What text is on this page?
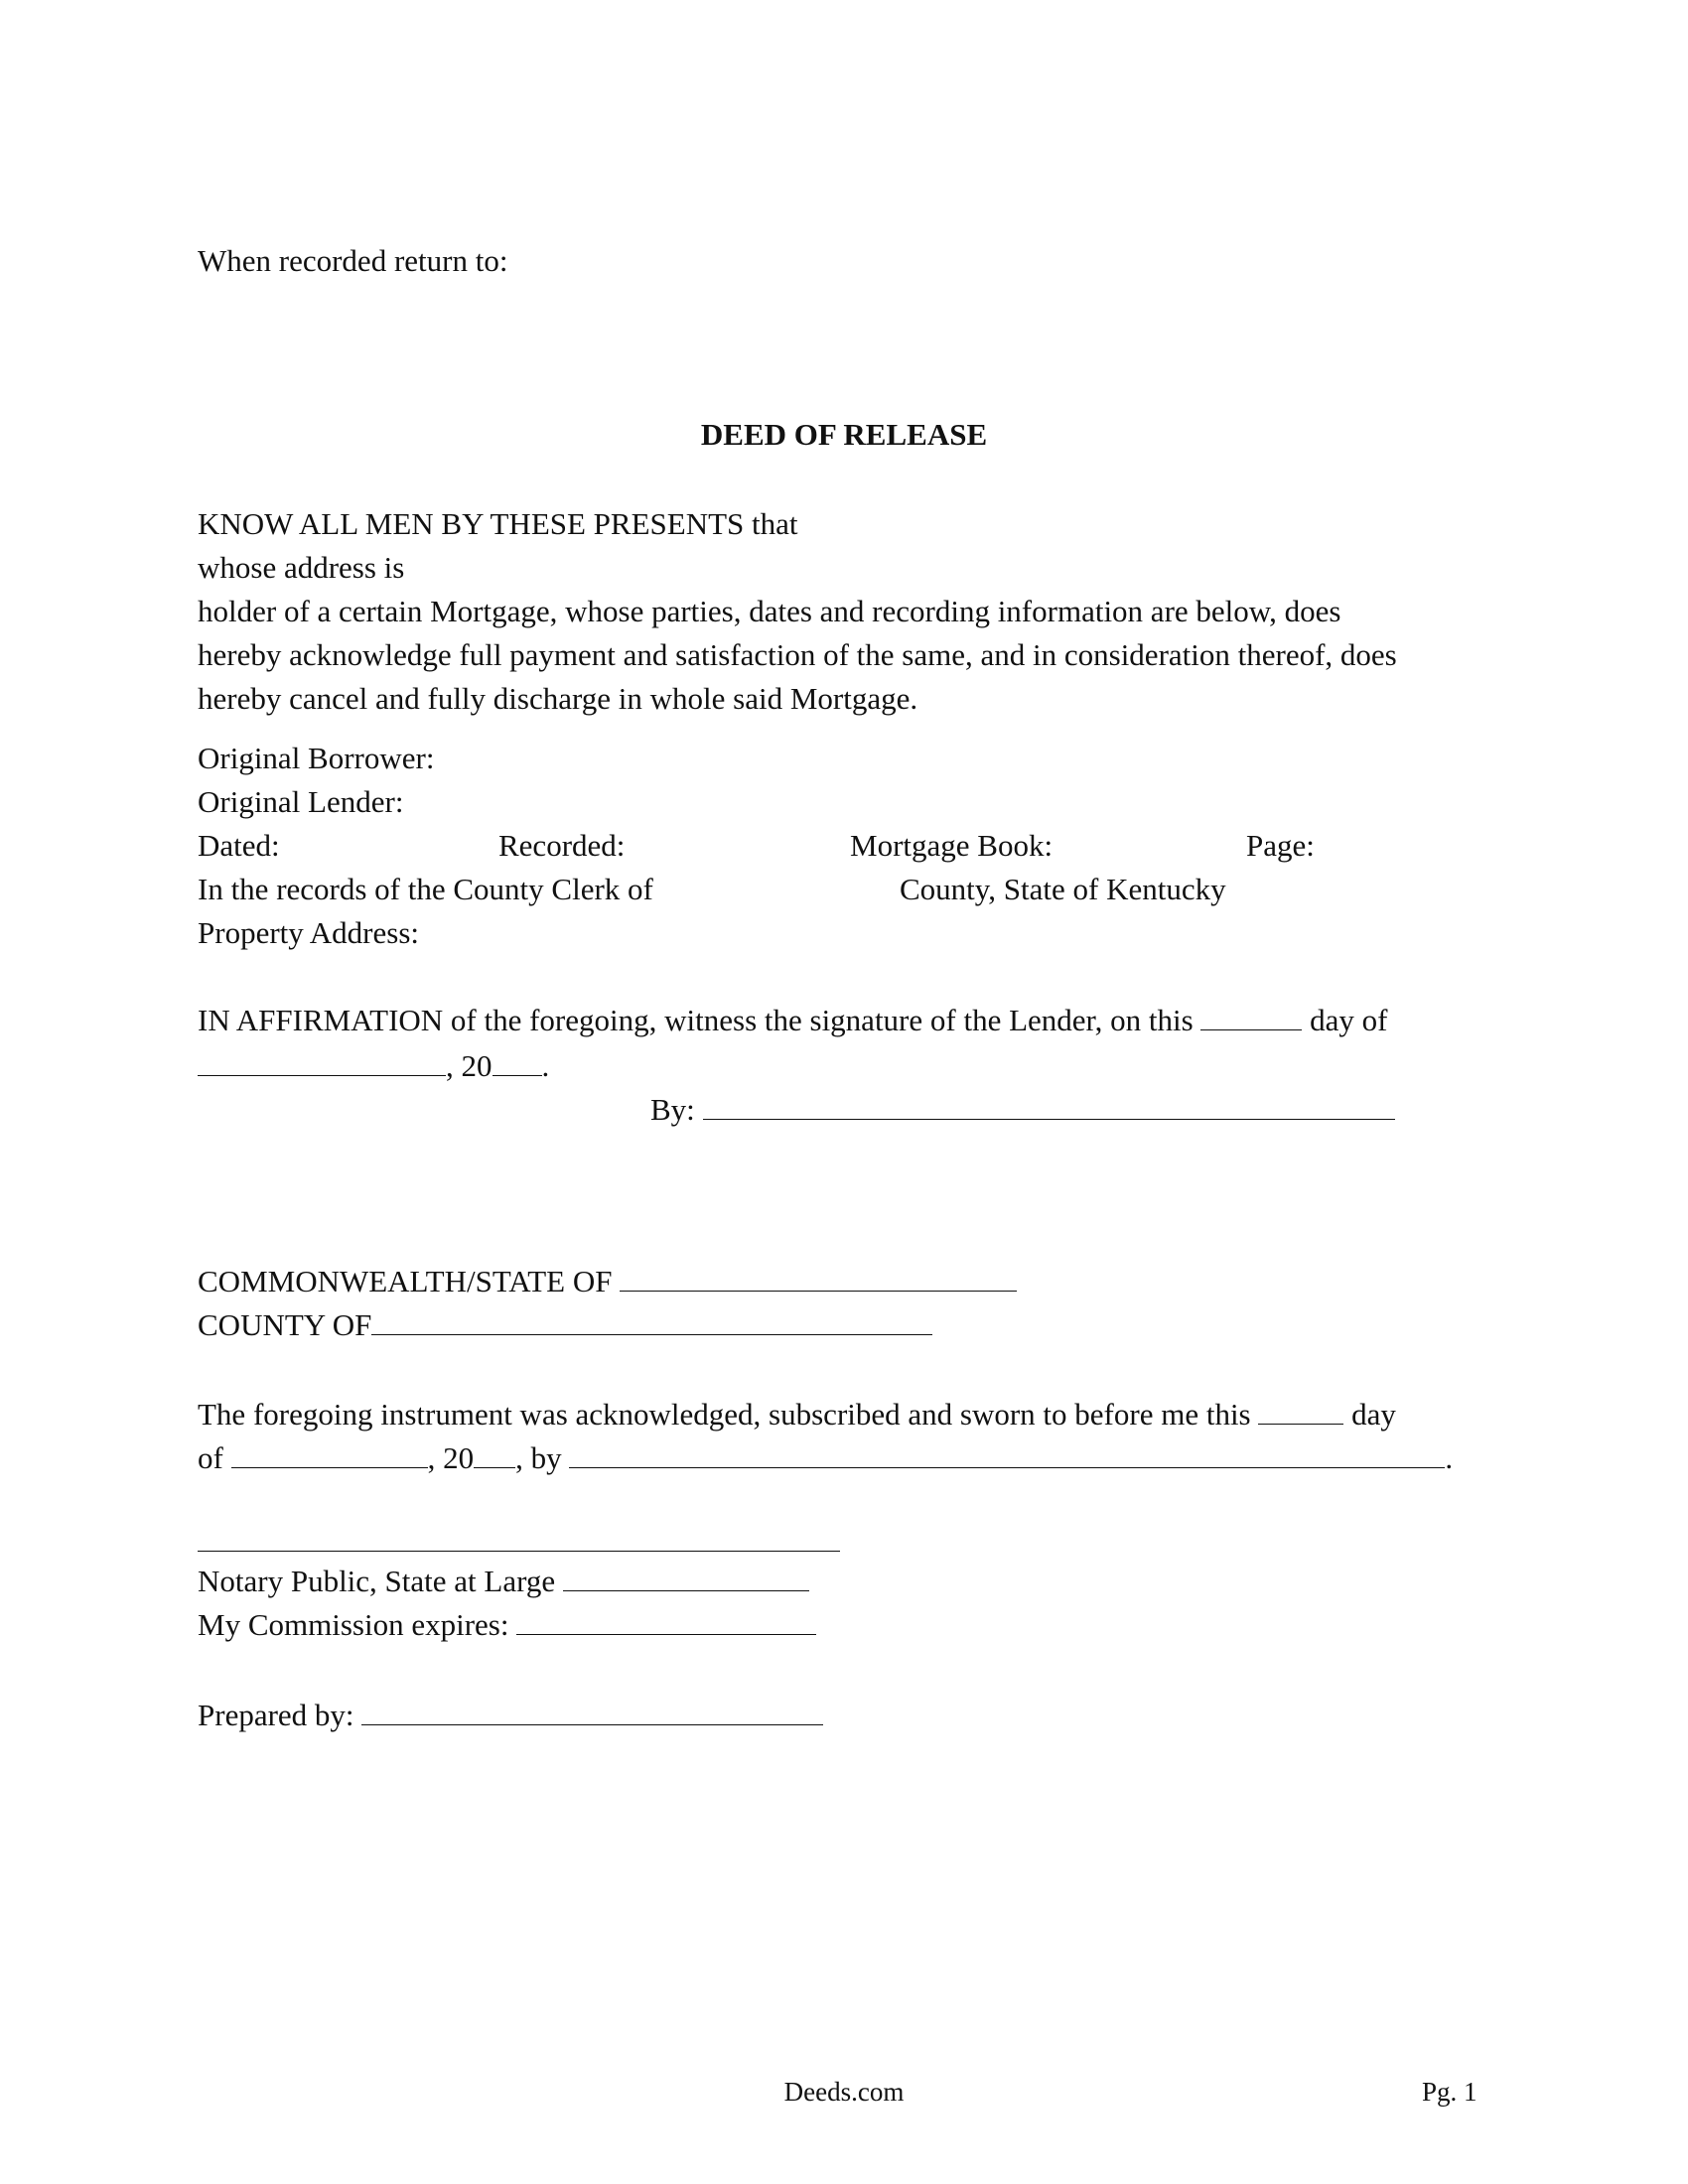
When recorded return to:
DEED OF RELEASE
KNOW ALL MEN BY THESE PRESENTS that
whose address is
holder of a certain Mortgage, whose parties, dates and recording information are below, does
hereby acknowledge full payment and satisfaction of the same, and in consideration thereof, does
hereby cancel and fully discharge in whole said Mortgage.
Original Borrower:
Original Lender:
Dated:	Recorded:	Mortgage Book:	Page:
In the records of the County Clerk of	County, State of Kentucky
Property Address:
IN AFFIRMATION of the foregoing, witness the signature of the Lender, on this	day of
, 20 .
By:
COMMONWEALTH/STATE OF
COUNTY OF
The foregoing instrument was acknowledged, subscribed and sworn to before me this	day
of	, 20 , by	.
Notary Public, State at Large
My Commission expires:
Prepared by:
Deeds.com	Pg. 1
